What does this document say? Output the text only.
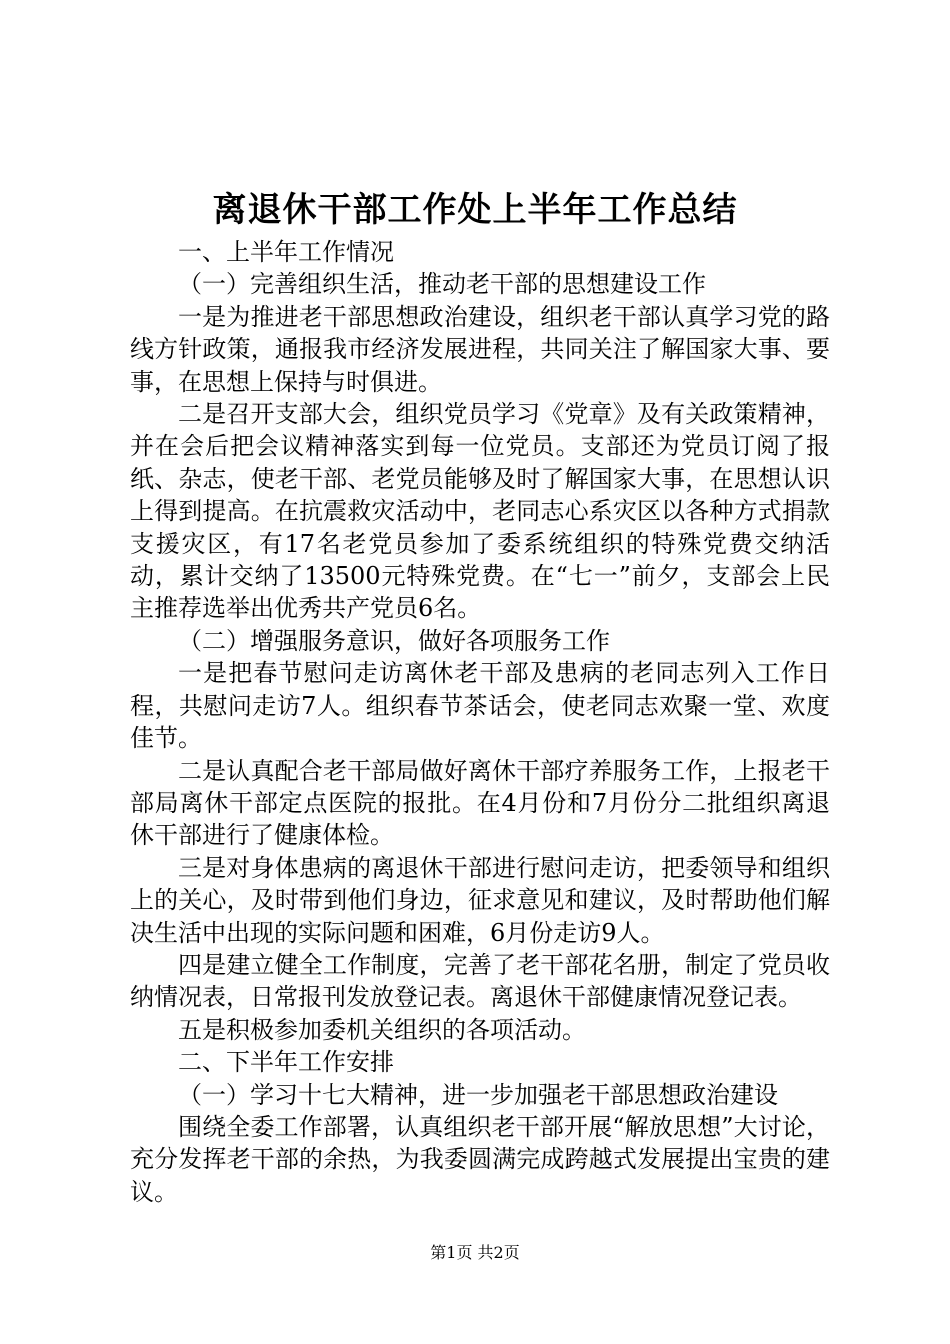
离退休干部工作处上半年工作总结

一、上半年工作情况

（一）完善组织生活，推动老干部的思想建设工作

一是为推进老干部思想政治建设，组织老干部认真学习党的路线方针政策，通报我市经济发展进程，共同关注了解国家大事、要事，在思想上保持与时俱进。

二是召开支部大会，组织党员学习《党章》及有关政策精神，并在会后把会议精神落实到每一位党员。支部还为党员订阅了报纸、杂志，使老干部、老党员能够及时了解国家大事，在思想认识上得到提高。在抗震救灾活动中，老同志心系灾区以各种方式捐款支援灾区，有17名老党员参加了委系统组织的特殊党费交纳活动，累计交纳了13500元特殊党费。在“七一”前夕，支部会上民主推荐选举出优秀共产党员6名。

（二）增强服务意识，做好各项服务工作

一是把春节慰问走访离休老干部及患病的老同志列入工作日程，共慰问走访7人。组织春节茶话会，使老同志欢聚一堂、欢度佳节。

二是认真配合老干部局做好离休干部疗养服务工作，上报老干部局离休干部定点医院的报批。在4月份和7月份分二批组织离退休干部进行了健康体检。

三是对身体患病的离退休干部进行慰问走访，把委领导和组织上的关心，及时带到他们身边，征求意见和建议，及时帮助他们解决生活中出现的实际问题和困难，6月份走访9人。

四是建立健全工作制度，完善了老干部花名册，制定了党员收纳情况表，日常报刊发放登记表。离退休干部健康情况登记表。

五是积极参加委机关组织的各项活动。

二、下半年工作安排

（一）学习十七大精神，进一步加强老干部思想政治建设

围绕全委工作部署，认真组织老干部开展“解放思想”大讨论，充分发挥老干部的余热，为我委圆满完成跨越式发展提出宝贵的建议。

第1页 共2页
